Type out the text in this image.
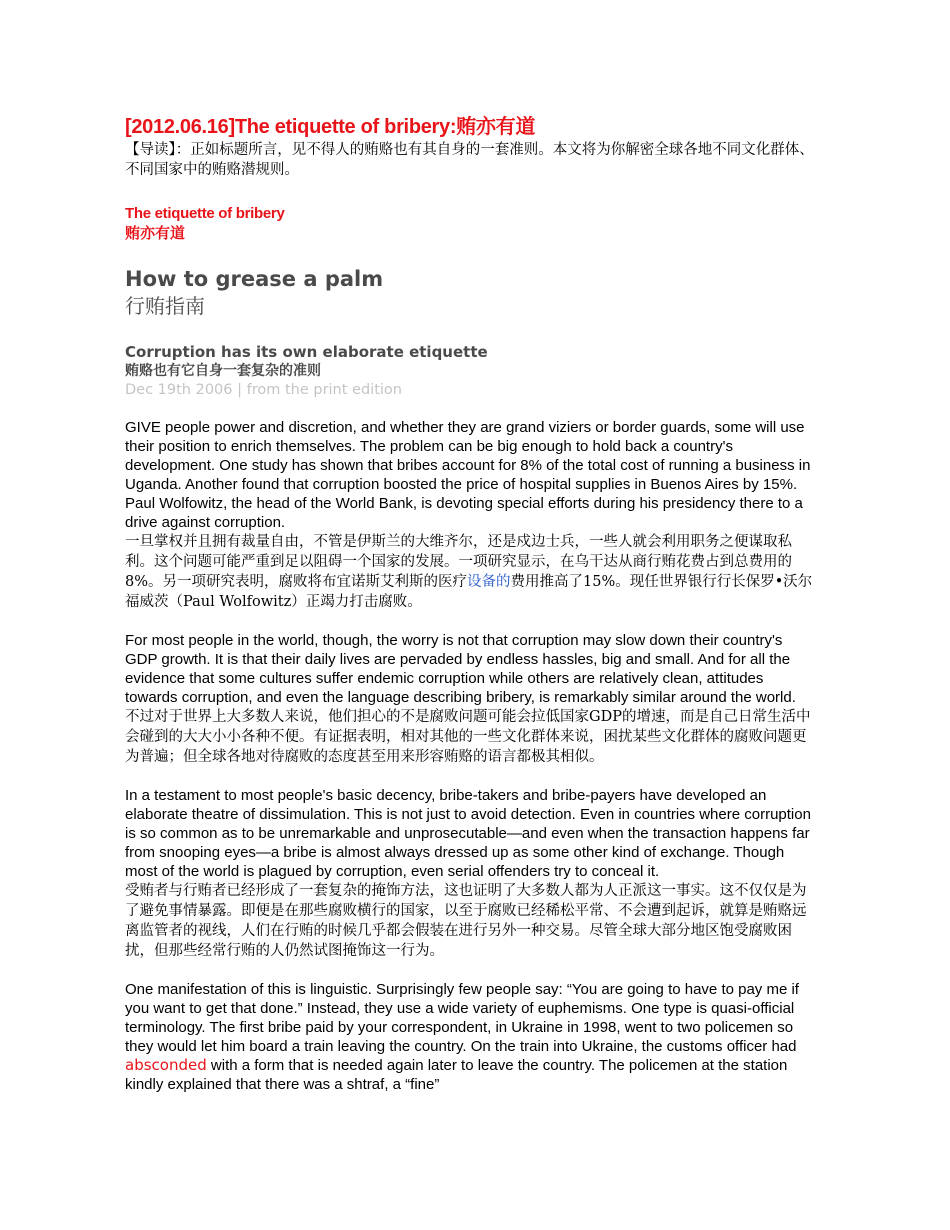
[2012.06.16]The etiquette of bribery:贿亦有道

【导读】：正如标题所言，见不得人的贿赂也有其自身的一套准则。本文将为你解密全球各地不同文化群体、不同国家中的贿赂潜规则。

The etiquette of bribery
贿亦有道
How to grease a palm
行贿指南
Corruption has its own elaborate etiquette
贿赂也有它自身一套复杂的准则
Dec 19th 2006 | from the print edition

GIVE people power and discretion, and whether they are grand viziers or border guards, some will use their position to enrich themselves. The problem can be big enough to hold back a country's development. One study has shown that bribes account for 8% of the total cost of running a business in Uganda. Another found that corruption boosted the price of hospital supplies in Buenos Aires by 15%. Paul Wolfowitz, the head of the World Bank, is devoting special efforts during his presidency there to a drive against corruption.

一旦掌权并且拥有裁量自由，不管是伊斯兰的大维齐尔，还是戍边士兵，一些人就会利用职务之便谋取私利。这个问题可能严重到足以阻碍一个国家的发展。一项研究显示，在乌干达从商行贿花费占到总费用的8%。另一项研究表明，腐败将布宜诺斯艾利斯的医疗设备的费用推高了15%。现任世界银行行长保罗•沃尔福威茨（Paul Wolfowitz）正竭力打击腐败。

For most people in the world, though, the worry is not that corruption may slow down their country's GDP growth. It is that their daily lives are pervaded by endless hassles, big and small. And for all the evidence that some cultures suffer endemic corruption while others are relatively clean, attitudes towards corruption, and even the language describing bribery, is remarkably similar around the world.

不过对于世界上大多数人来说，他们担心的不是腐败问题可能会拉低国家GDP的增速，而是自己日常生活中会碰到的大大小小各种不便。有证据表明，相对其他的一些文化群体来说，困扰某些文化群体的腐败问题更为普遍；但全球各地对待腐败的态度甚至用来形容贿赂的语言都极其相似。

In a testament to most people's basic decency, bribe-takers and bribe-payers have developed an elaborate theatre of dissimulation. This is not just to avoid detection. Even in countries where corruption is so common as to be unremarkable and unprosecutable—and even when the transaction happens far from snooping eyes—a bribe is almost always dressed up as some other kind of exchange. Though most of the world is plagued by corruption, even serial offenders try to conceal it.

受贿者与行贿者已经形成了一套复杂的掩饰方法，这也证明了大多数人都为人正派这一事实。这不仅仅是为了避免事情暴露。即便是在那些腐败横行的国家，以至于腐败已经稀松平常、不会遭到起诉，就算是贿赂远离监管者的视线，人们在行贿的时候几乎都会假装在进行另外一种交易。尽管全球大部分地区饱受腐败困扰，但那些经常行贿的人仍然试图掩饰这一行为。

One manifestation of this is linguistic. Surprisingly few people say: “You are going to have to pay me if you want to get that done.” Instead, they use a wide variety of euphemisms. One type is quasi-official terminology. The first bribe paid by your correspondent, in Ukraine in 1998, went to two policemen so they would let him board a train leaving the country. On the train into Ukraine, the customs officer had absconded with a form that is needed again later to leave the country. The policemen at the station kindly explained that there was a shtraf, a “fine”
